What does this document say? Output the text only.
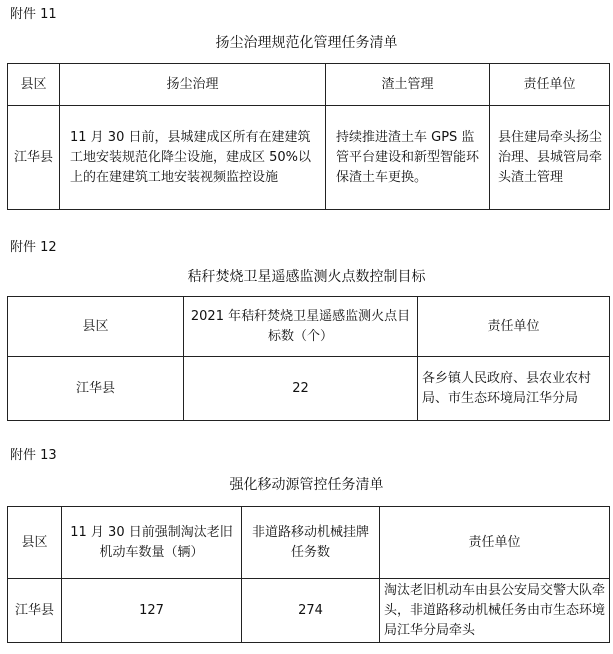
附件 11
扬尘治理规范化管理任务清单
县区	扬尘治理	渣土管理	责任单位
江华县	11 月 30 日前，县城建成区所有在建建筑工地安装规范化降尘设施，建成区 50%以上的在建建筑工地安装视频监控设施	持续推进渣土车 GPS 监管平台建设和新型智能环保渣土车更换。	县住建局牵头扬尘治理、县城管局牵头渣土管理
附件 12
秸秆焚烧卫星遥感监测火点数控制目标
县区	2021 年秸秆焚烧卫星遥感监测火点目标数（个）	责任单位
江华县	22	各乡镇人民政府、县农业农村局、市生态环境局江华分局
附件 13
强化移动源管控任务清单
县区	11 月 30 日前强制淘汰老旧机动车数量（辆）	非道路移动机械挂牌任务数	责任单位
江华县	127	274	淘汰老旧机动车由县公安局交警大队牵头，非道路移动机械任务由市生态环境局江华分局牵头
